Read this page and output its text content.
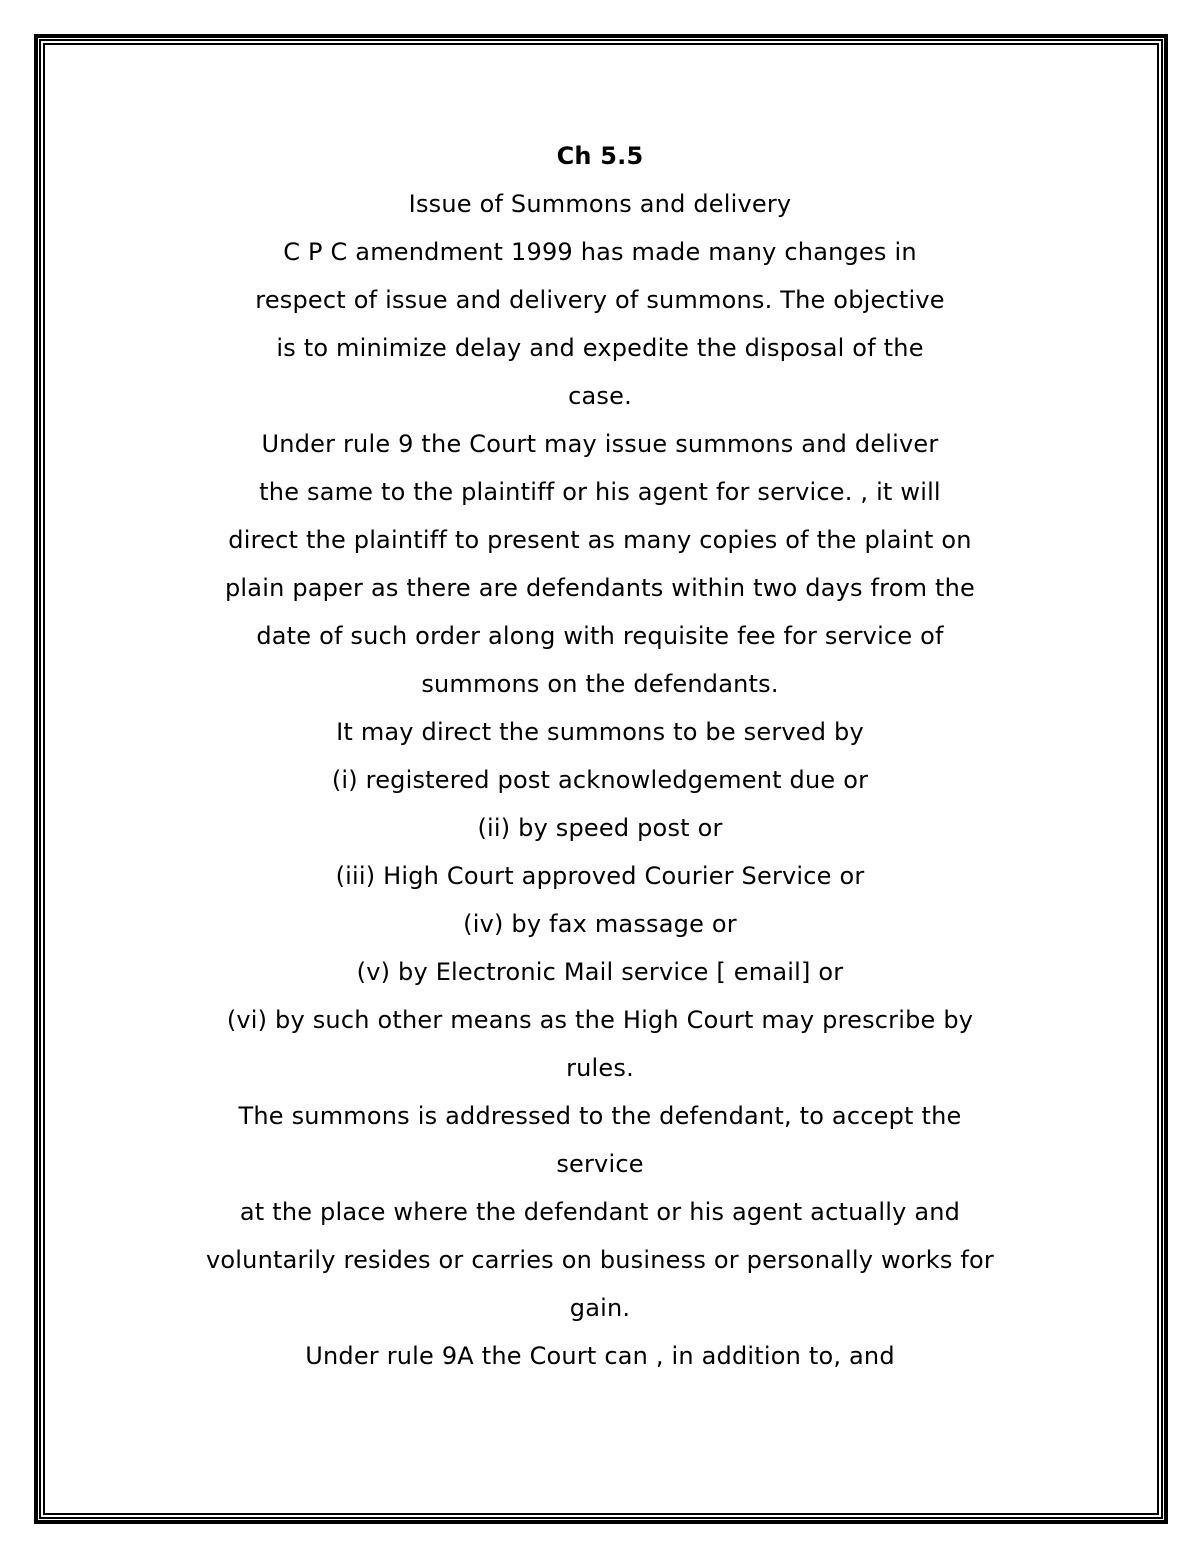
Ch 5.5
Issue of Summons and delivery
C P C amendment 1999 has made many changes in
respect of issue and delivery of summons. The objective
is to minimize delay and expedite the disposal of the
case.
Under rule 9 the Court may issue summons and deliver
the same to the plaintiff or his agent for service. , it will
direct the plaintiff to present as many copies of the plaint on
plain paper as there are defendants within two days from the
date of such order along with requisite fee for service of
summons on the defendants.
It may direct the summons to be served by
(i) registered post acknowledgement due or
(ii) by speed post or
(iii) High Court approved Courier Service or
(iv) by fax massage or
(v) by Electronic Mail service [ email] or
(vi) by such other means as the High Court may prescribe by
rules.
The summons is addressed to the defendant, to accept the
service
at the place where the defendant or his agent actually and
voluntarily resides or carries on business or personally works for
gain.
Under rule 9A the Court can , in addition to, and
